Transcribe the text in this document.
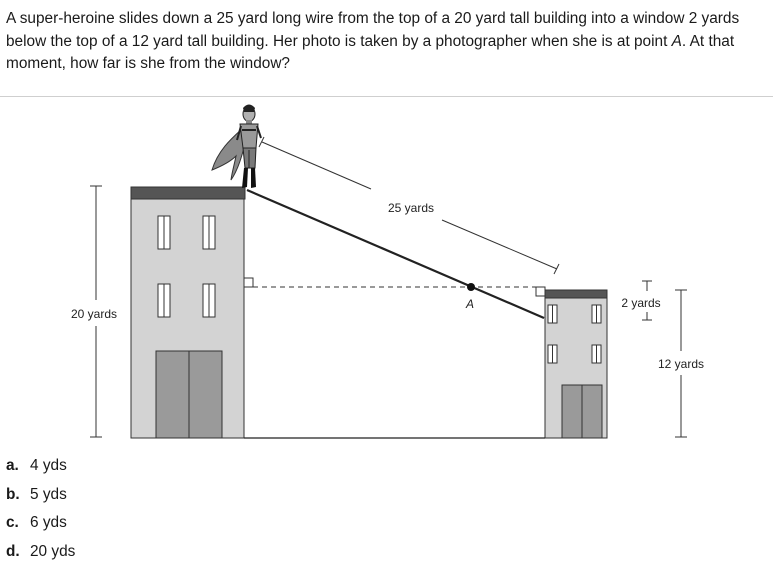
A super-heroine slides down a 25 yard long wire from the top of a 20 yard tall building into a window 2 yards below the top of a 12 yard tall building. Her photo is taken by a photographer when she is at point A. At that moment, how far is she from the window?

20 yards
A
25 yards
2 yards
12 yards
a. 4 yds
b. 5 yds
c. 6 yds
d. 20 yds
